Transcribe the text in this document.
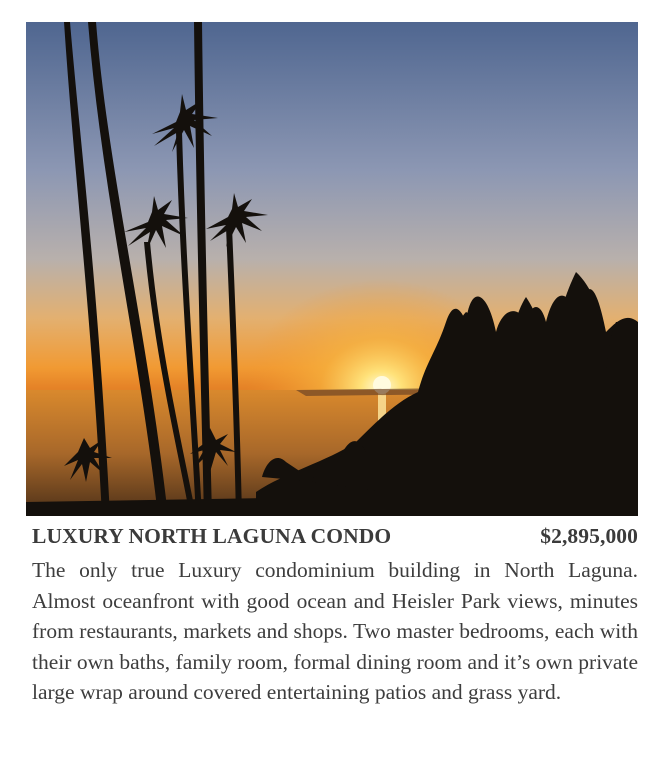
LUXURY NORTH LAGUNA CONDO	$2,895,000

The only true Luxury condominium building in North Laguna. Almost oceanfront with good ocean and Heisler Park views, minutes from restaurants, markets and shops. Two master bedrooms, each with their own baths, family room, formal dining room and it’s own private large wrap around covered entertaining patios and grass yard.
